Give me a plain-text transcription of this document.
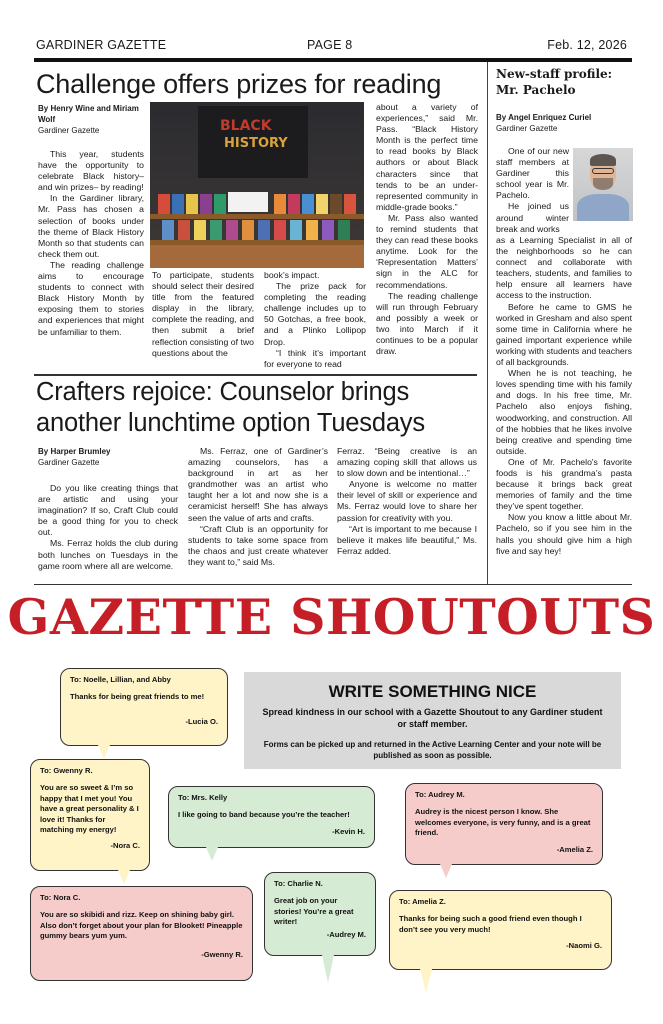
GARDINER GAZETTE	PAGE 8	Feb. 12, 2026
Challenge offers prizes for reading
By Henry Wine and Miriam Wolf
Gardiner Gazette

This year, students have the opportunity to celebrate Black history– and win prizes– by reading!

In the Gardiner library, Mr. Pass has chosen a selection of books under the theme of Black History Month so that students can check them out.

The reading challenge aims to encourage students to connect with Black History Month by exposing them to stories and experiences that might be unfamiliar to them.

BLACK
HISTORY

To participate, students should select their desired title from the featured display in the library, complete the reading, and then submit a brief reflection consisting of two questions about the

book’s impact.

The prize pack for completing the reading challenge includes up to 50 Gotchas, a free book, and a Plinko Lollipop Drop.

“I think it’s important for everyone to read

about a variety of experiences,” said Mr. Pass. “Black History Month is the perfect time to read books by Black authors or about Black characters since that tends to be an under-represented community in middle-grade books.”

Mr. Pass also wanted to remind students that they can read these books anytime. Look for the ‘Representation Matters’ sign in the ALC for recommendations.

The reading challenge will run through February and possibly a week or two into March if it continues to be a popular draw.

Crafters rejoice: Counselor brings another lunchtime option Tuesdays
By Harper Brumley
Gardiner Gazette

Do you like creating things that are artistic and using your imagination? If so, Craft Club could be a good thing for you to check out.

Ms. Ferraz holds the club during both lunches on Tuesdays in the game room where all are welcome.

Ms. Ferraz, one of Gardiner’s amazing counselors, has a background in art as her grandmother was an artist who taught her a lot and now she is a ceramicist herself! She has always seen the value of arts and crafts.

“Craft Club is an opportunity for students to take some space from the chaos and just create whatever they want to,” said Ms.

Ferraz. “Being creative is an amazing coping skill that allows us to slow down and be intentional…”

Anyone is welcome no matter their level of skill or experience and Ms. Ferraz would love to share her passion for creativity with you.

“Art is important to me because I believe it makes life beautiful,” Ms. Ferraz added.

New-staff profile: Mr. Pachelo
By Angel Enriquez Curiel
Gardiner Gazette

One of our new staff members at Gardiner this school year is Mr. Pachelo.

He joined us around winter break and works

as a Learning Specialist in all of the neighborhoods so he can connect and collaborate with teachers, students, and families to help ensure all learners have access to the instruction.

Before he came to GMS he worked in Gresham and also spent some time in California where he gained important experience while working with students and teachers of all backgrounds.

When he is not teaching, he loves spending time with his family and dogs. In his free time, Mr. Pachelo also enjoys fishing, woodworking, and construction. All of the hobbies that he likes involve being creative and spending time outside.

One of Mr. Pachelo's favorite foods is his grandma’s pasta because it brings back great memories of family and the time they’ve spent together.

Now you know a little about Mr. Pachelo, so if you see him in the halls you should give him a high five and say hey!

GAZETTE SHOUTOUTS
WRITE SOMETHING NICE
Spread kindness in our school with a Gazette Shoutout to any Gardiner student or staff member.
Forms can be picked up and returned in the Active Learning Center and your note will be published as soon as possible.
To: Noelle, Lillian, and Abby
Thanks for being great friends to me!
-Lucia O.
To: Gwenny R.
You are so sweet & I’m so happy that I met you! You have a great personality & I love it! Thanks for matching my energy!
-Nora C.
To: Mrs. Kelly
I like going to band because you’re the teacher!
-Kevin H.
To: Audrey M.
Audrey is the nicest person I know. She welcomes everyone, is very funny, and is a great friend.
-Amelia Z.
To: Nora C.
You are so skibidi and rizz. Keep on shining baby girl. Also don’t forget about your plan for Blooket! Pineapple gummy bears yum yum.
-Gwenny R.
To: Charlie N.
Great job on your stories! You’re a great writer!
-Audrey M.
To: Amelia Z.
Thanks for being such a good friend even though I don’t see you very much!
-Naomi G.
